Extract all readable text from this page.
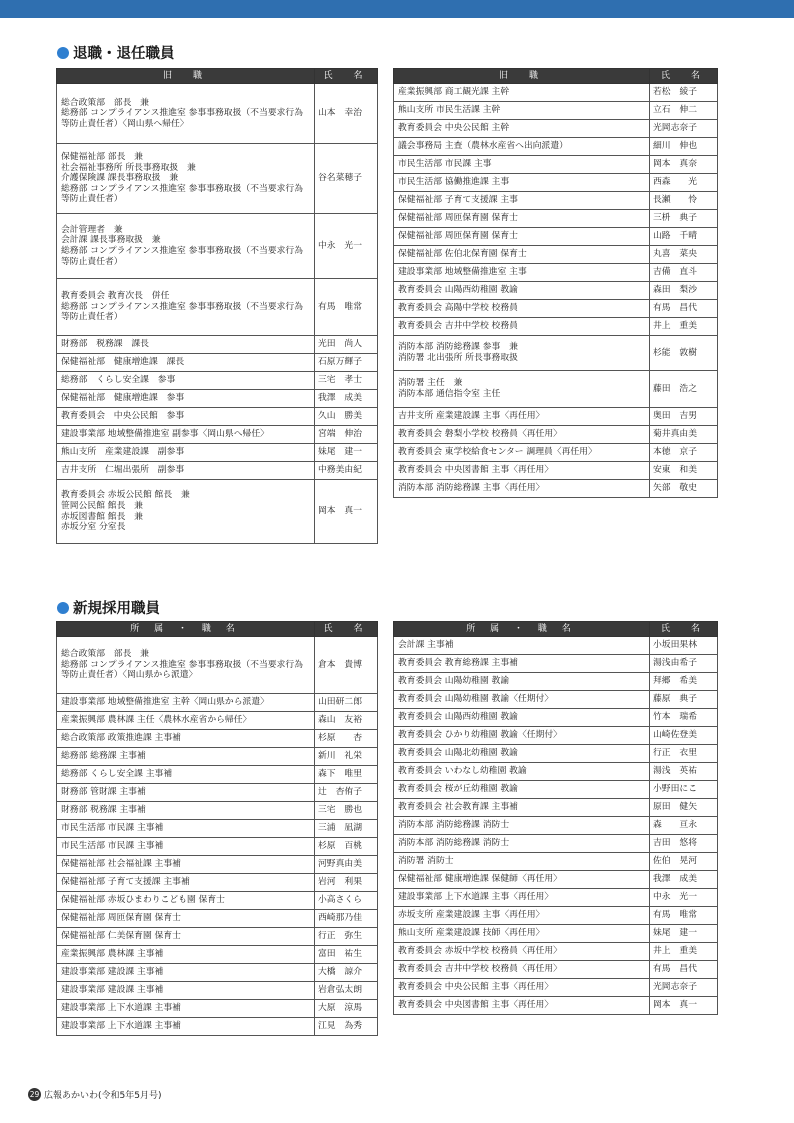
退職・退任職員
旧　職	氏　名
総合政策部　部長　兼
総務部 コンプライアンス推進室 参事事務取扱（不当要求行為等防止責任者）〈岡山県へ帰任〉	山本　幸治
保健福祉部 部長　兼
社会福祉事務所 所長事務取扱　兼
介護保険課 課長事務取扱　兼
総務部 コンプライアンス推進室 参事事務取扱（不当要求行為等防止責任者）	谷名菜穂子
会計管理者　兼
会計課 課長事務取扱　兼
総務部 コンプライアンス推進室 参事事務取扱（不当要求行為等防止責任者）	中永　光一
教育委員会 教育次長　併任
総務部 コンプライアンス推進室 参事事務取扱（不当要求行為等防止責任者）	有馬　唯常
財務部　税務課　課長	光田　尚人
保健福祉部　健康増進課　課長	石原万輝子
総務部　くらし安全課　参事	三宅　孝士
保健福祉部　健康増進課　参事	我澤　成美
教育委員会　中央公民館　参事	久山　勝美
建設事業部 地域整備推進室 副参事〈岡山県へ帰任〉	宮端　伸治
熊山支所　産業建設課　副参事	妹尾　建一
吉井支所　仁堀出張所　副参事	中務美由紀
教育委員会 赤坂公民館 館長　兼
笹岡公民館 館長　兼
赤坂図書館 館長　兼
赤坂分室 分室長	岡本　真一
旧　職	氏　名
産業振興部 商工観光課 主幹	若松　綾子
熊山支所 市民生活課 主幹	立石　伸二
教育委員会 中央公民館 主幹	光岡志奈子
議会事務局 主査（農林水産省へ出向派遣）	細川　伸也
市民生活部 市民課 主事	岡本　真奈
市民生活部 協働推進課 主事	西森　　光
保健福祉部 子育て支援課 主事	長瀬　　怜
保健福祉部 周匝保育園 保育士	三枡　典子
保健福祉部 周匝保育園 保育士	山路　千晴
保健福祉部 佐伯北保育園 保育士	丸喜　菜央
建設事業部 地域整備推進室 主事	吉備　直斗
教育委員会 山陽西幼稚園 教諭	森田　梨沙
教育委員会 高陽中学校 校務員	有馬　昌代
教育委員会 吉井中学校 校務員	井上　重美
消防本部 消防総務課 参事　兼
消防署 北出張所 所長事務取扱	杉能　敦樹
消防署 主任　兼
消防本部 通信指令室 主任	藤田　浩之
吉井支所 産業建設課 主事〈再任用〉	奥田　吉男
教育委員会 磐梨小学校 校務員〈再任用〉	菊井真由美
教育委員会 東学校給食センター 調理員〈再任用〉	本徳　京子
教育委員会 中央図書館 主事〈再任用〉	安東　和美
消防本部 消防総務課 主事〈再任用〉	矢部　敬史
新規採用職員
所 属 ・ 職 名	氏　名
総合政策部　部長　兼
総務部 コンプライアンス推進室 参事事務取扱（不当要求行為等防止責任者）〈岡山県から派遣〉	倉本　貴博
建設事業部 地域整備推進室 主幹〈岡山県から派遣〉	山田研二郎
産業振興部 農林課 主任〈農林水産省から帰任〉	森山　友裕
総合政策部 政策推進課 主事補	杉原　　杏
総務部 総務課 主事補	新川　礼栄
総務部 くらし安全課 主事補	森下　唯里
財務部 管財課 主事補	辻　杏侑子
財務部 税務課 主事補	三宅　勝也
市民生活部 市民課 主事補	三浦　凪湖
市民生活部 市民課 主事補	杉原　百桃
保健福祉部 社会福祉課 主事補	河野真由美
保健福祉部 子育て支援課 主事補	岩河　利果
保健福祉部 赤坂ひまわりこども園 保育士	小高さくら
保健福祉部 周匝保育園 保育士	西崎那乃佳
保健福祉部 仁美保育園 保育士	行正　弥生
産業振興部 農林課 主事補	富田　祐生
建設事業部 建設課 主事補	大橋　諒介
建設事業部 建設課 主事補	岩倉弘太朗
建設事業部 上下水道課 主事補	大原　涼馬
建設事業部 上下水道課 主事補	江見　為秀
所 属 ・ 職 名	氏　名
会計課 主事補	小坂田果林
教育委員会 教育総務課 主事補	湯浅由希子
教育委員会 山陽幼稚園 教諭	拜郷　希美
教育委員会 山陽幼稚園 教諭〈任期付〉	藤原　典子
教育委員会 山陽西幼稚園 教諭	竹本　瑞希
教育委員会 ひかり幼稚園 教諭〈任期付〉	山崎佐登美
教育委員会 山陽北幼稚園 教諭	行正　衣里
教育委員会 いわなし幼稚園 教諭	湯浅　英祐
教育委員会 桜が丘幼稚園 教諭	小野田にこ
教育委員会 社会教育課 主事補	原田　健矢
消防本部 消防総務課 消防士	森　　亘永
消防本部 消防総務課 消防士	吉田　悠将
消防署 消防士	佐伯　晃河
保健福祉部 健康増進課 保健師〈再任用〉	我澤　成美
建設事業部 上下水道課 主事〈再任用〉	中永　光一
赤坂支所 産業建設課 主事〈再任用〉	有馬　唯常
熊山支所 産業建設課 技師〈再任用〉	妹尾　建一
教育委員会 赤坂中学校 校務員〈再任用〉	井上　重美
教育委員会 吉井中学校 校務員〈再任用〉	有馬　昌代
教育委員会 中央公民館 主事〈再任用〉	光岡志奈子
教育委員会 中央図書館 主事〈再任用〉	岡本　真一
29 広報あかいわ(令和5年5月号)
